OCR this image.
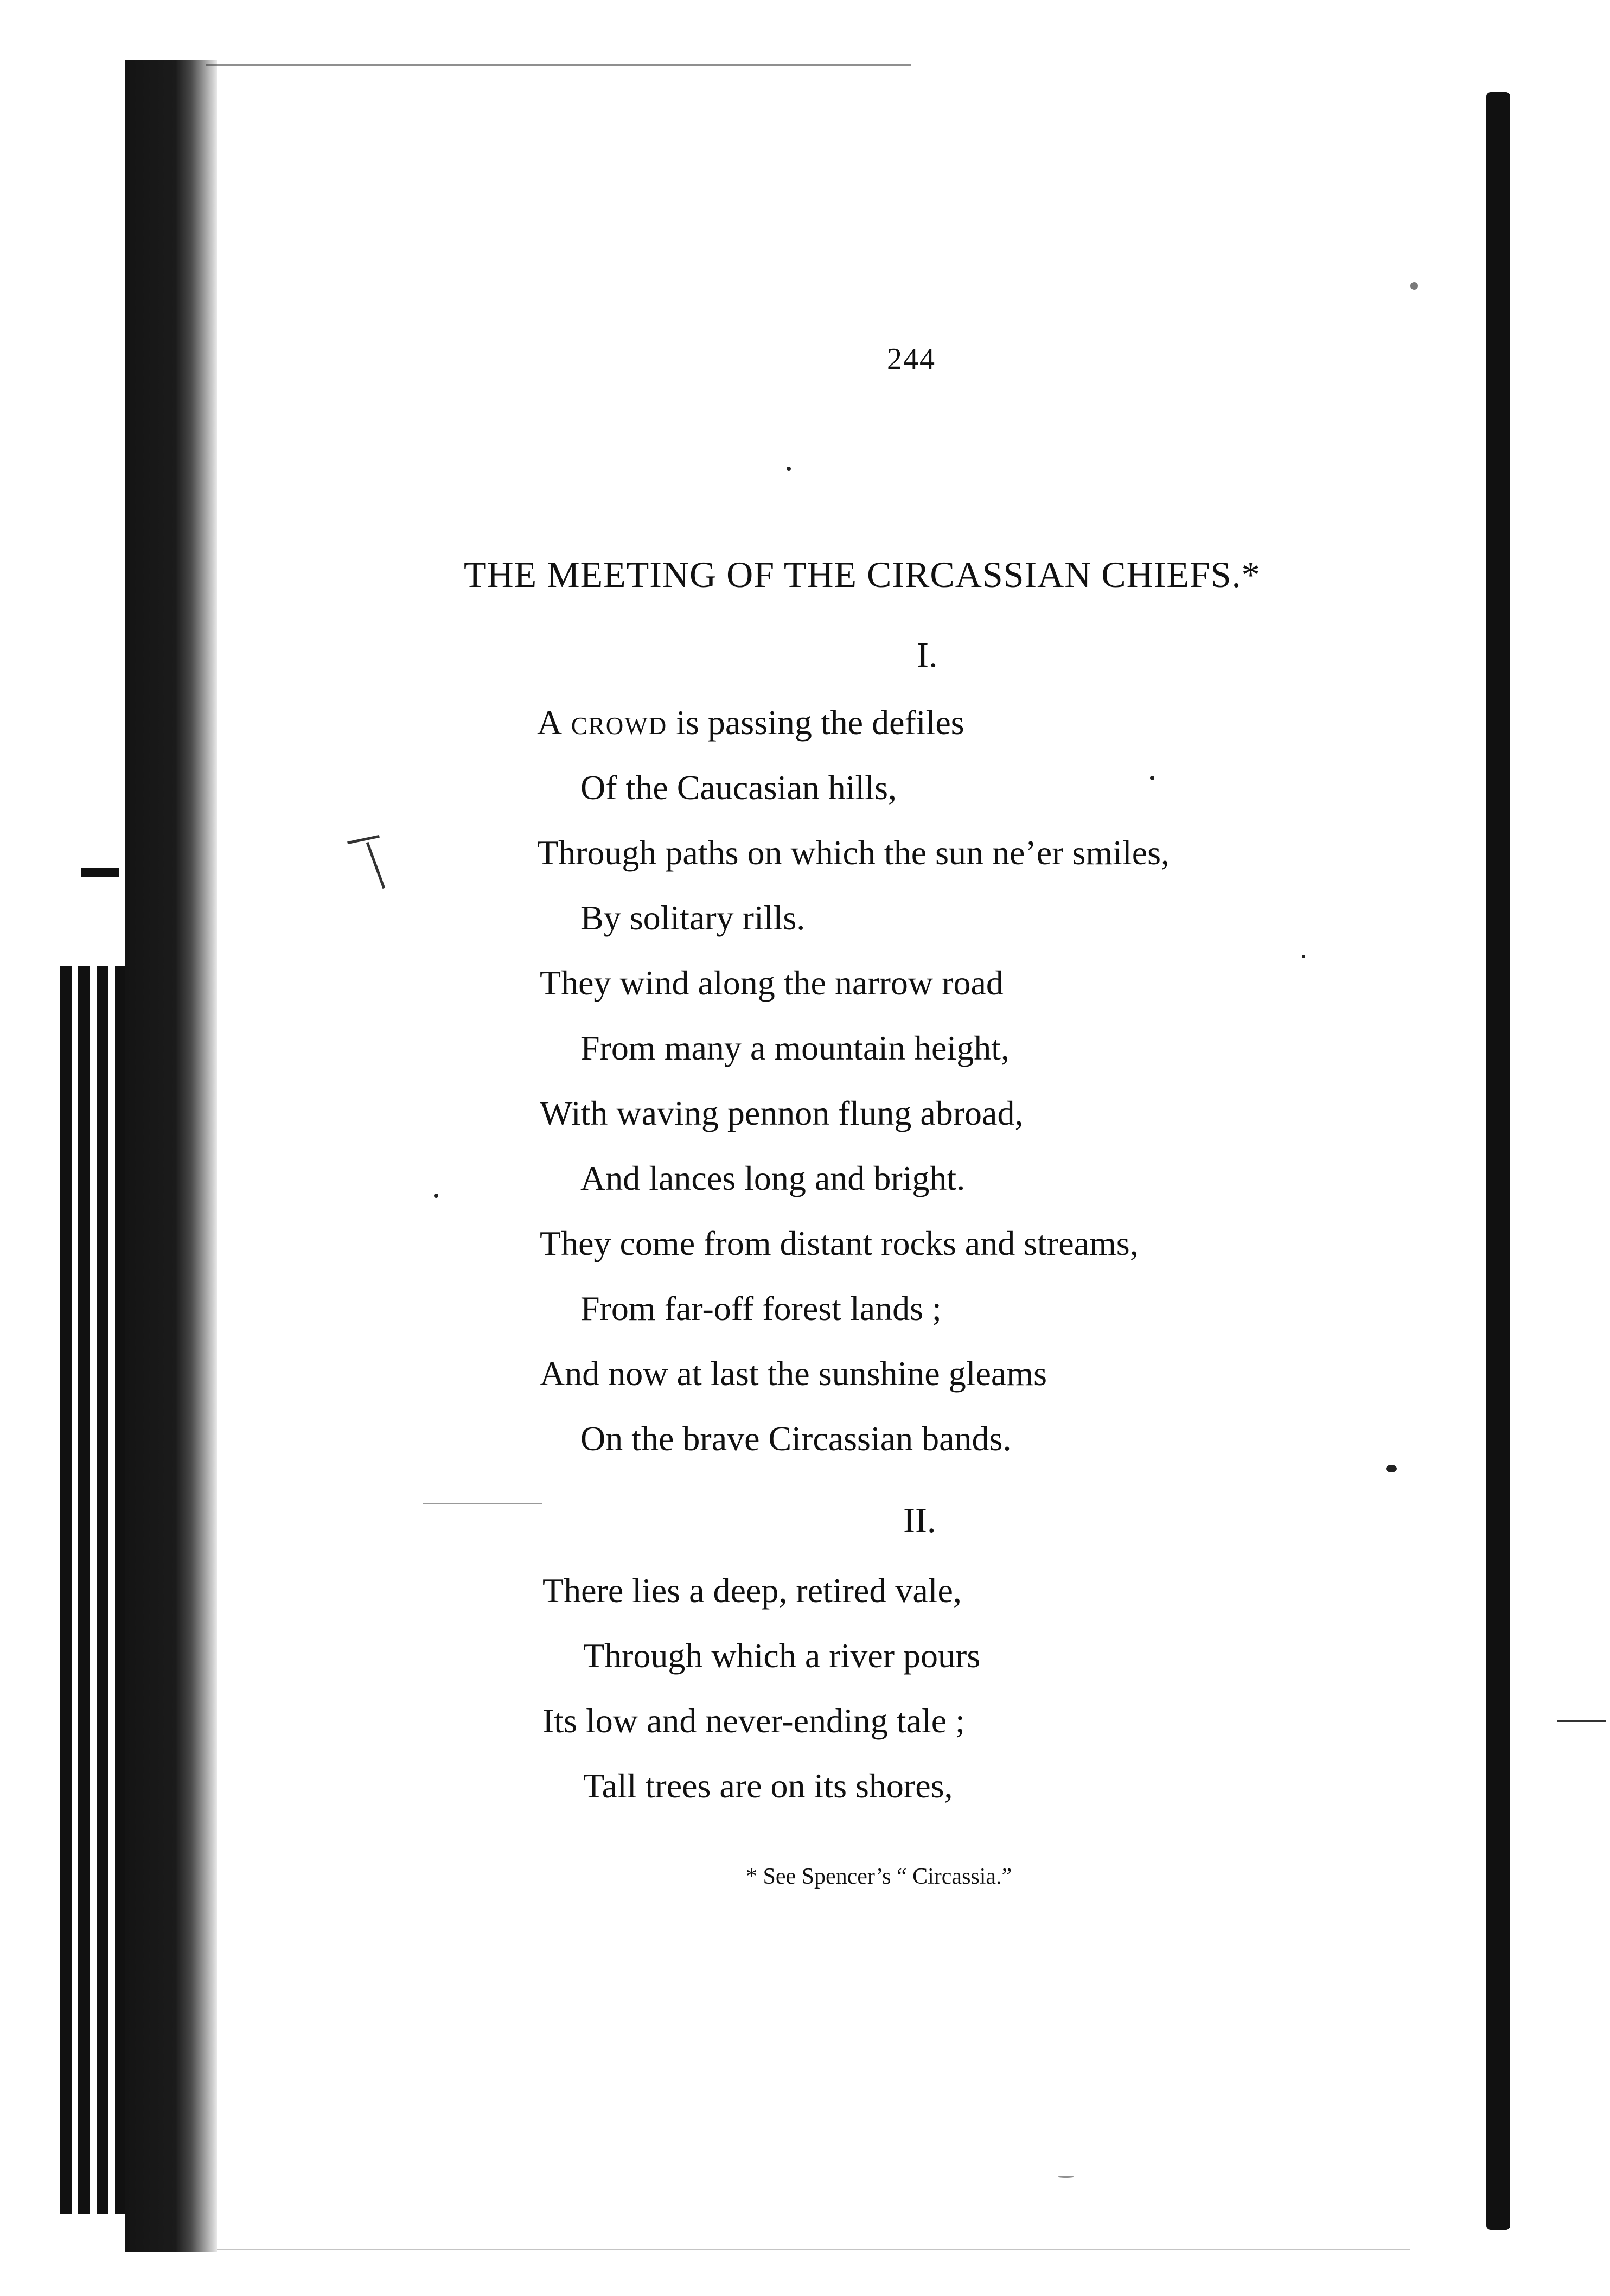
244
THE MEETING OF THE CIRCASSIAN CHIEFS.*
I.
A crowd is passing the defiles
Of the Caucasian hills,
Through paths on which the sun ne’er smiles,
By solitary rills.
They wind along the narrow road
From many a mountain height,
With waving pennon flung abroad,
And lances long and bright.
They come from distant rocks and streams,
From far-off forest lands ;
And now at last the sunshine gleams
On the brave Circassian bands.
II.
There lies a deep, retired vale,
Through which a river pours
Its low and never-ending tale ;
Tall trees are on its shores,
* See Spencer’s “ Circassia.”
